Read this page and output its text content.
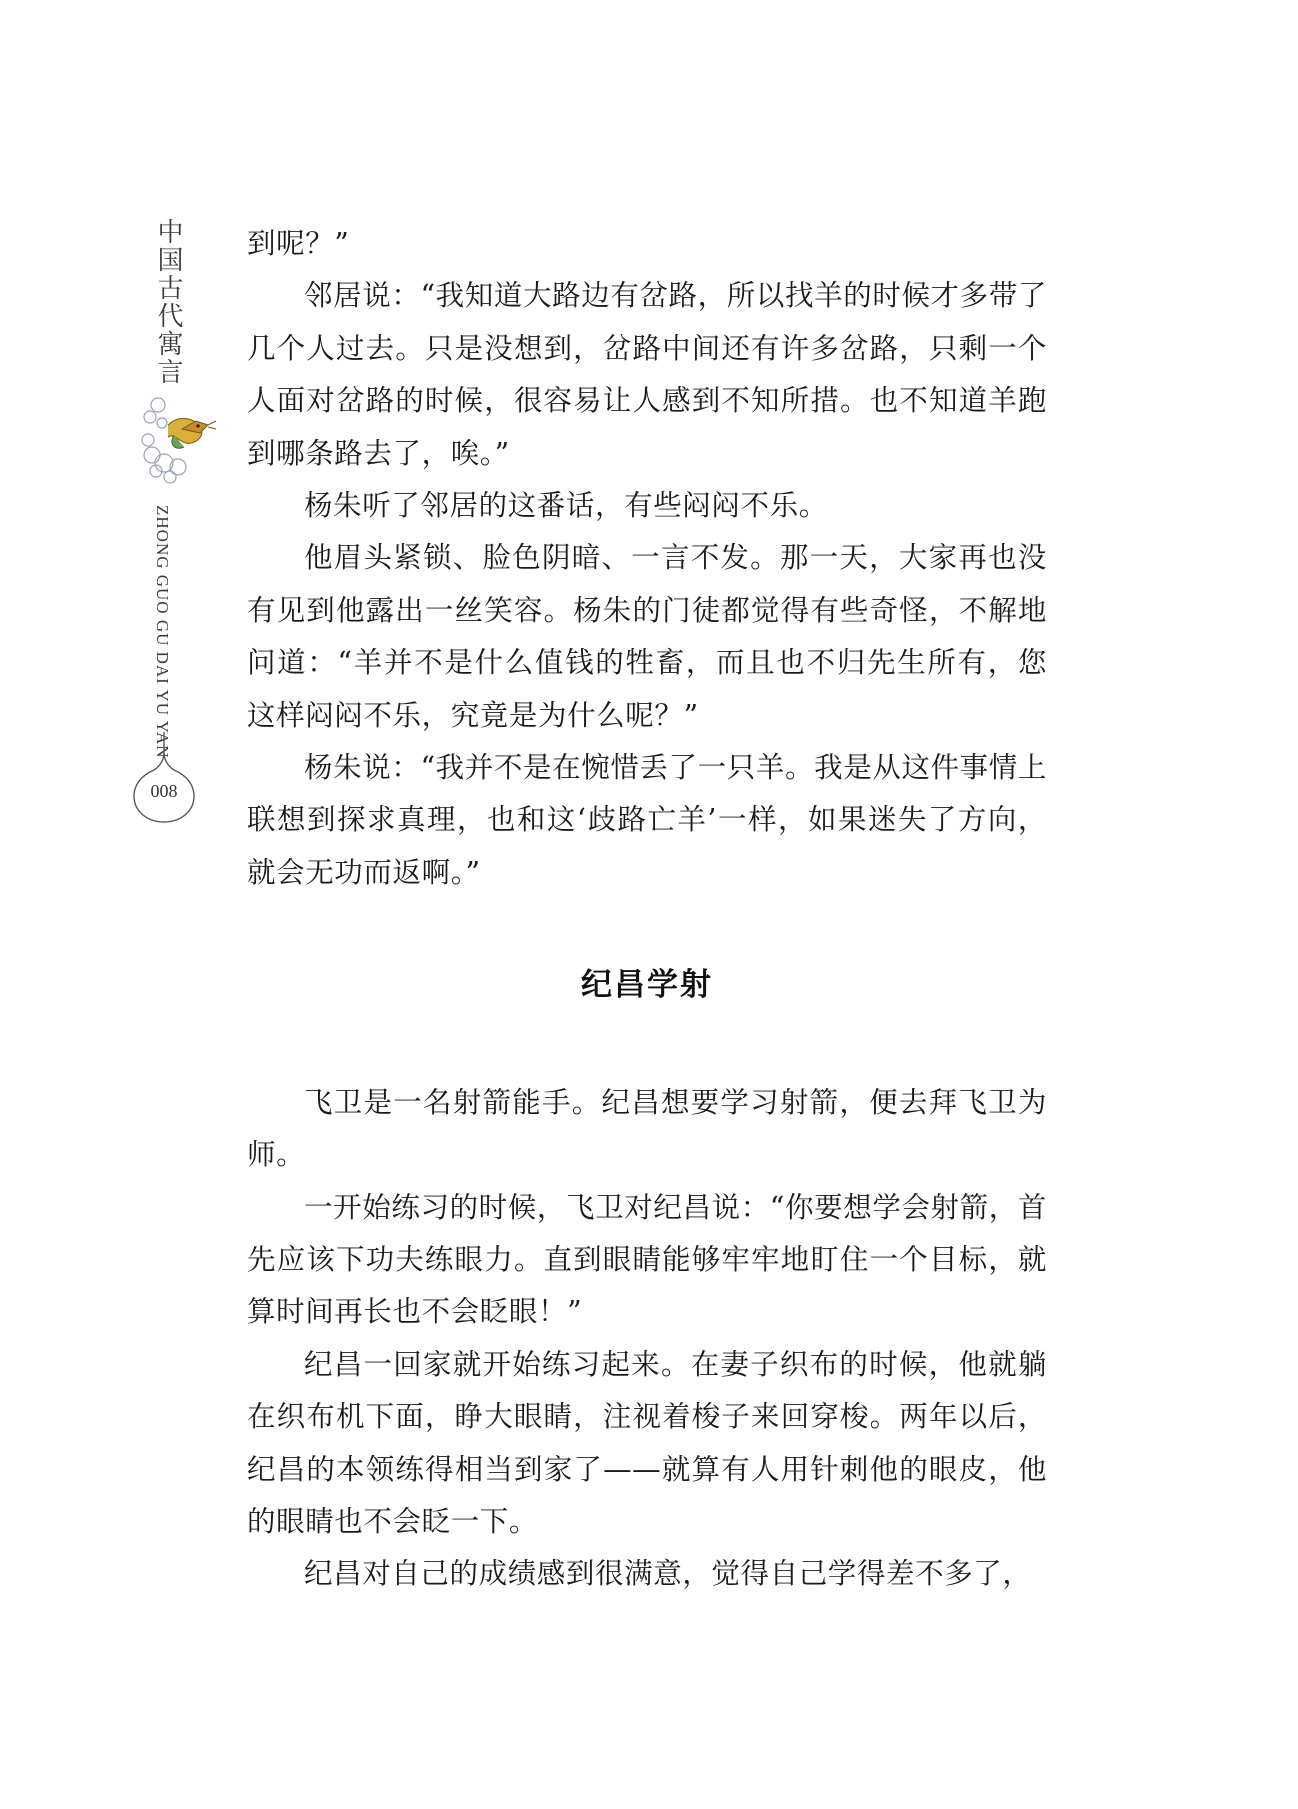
中国古代寓言
ZHONG GUO GU DAI YU YAN
008

到呢？”

邻居说：“我知道大路边有岔路，所以找羊的时候才多带了几个人过去。只是没想到，岔路中间还有许多岔路，只剩一个人面对岔路的时候，很容易让人感到不知所措。也不知道羊跑到哪条路去了，唉。”

杨朱听了邻居的这番话，有些闷闷不乐。

他眉头紧锁、脸色阴暗、一言不发。那一天，大家再也没有见到他露出一丝笑容。杨朱的门徒都觉得有些奇怪，不解地问道：“羊并不是什么值钱的牲畜，而且也不归先生所有，您这样闷闷不乐，究竟是为什么呢？”

杨朱说：“我并不是在惋惜丢了一只羊。我是从这件事情上联想到探求真理，也和这‘歧路亡羊’一样，如果迷失了方向，就会无功而返啊。”

纪昌学射

飞卫是一名射箭能手。纪昌想要学习射箭，便去拜飞卫为师。

一开始练习的时候，飞卫对纪昌说：“你要想学会射箭，首先应该下功夫练眼力。直到眼睛能够牢牢地盯住一个目标，就算时间再长也不会眨眼！”

纪昌一回家就开始练习起来。在妻子织布的时候，他就躺在织布机下面，睁大眼睛，注视着梭子来回穿梭。两年以后，纪昌的本领练得相当到家了——就算有人用针刺他的眼皮，他的眼睛也不会眨一下。

纪昌对自己的成绩感到很满意，觉得自己学得差不多了，
